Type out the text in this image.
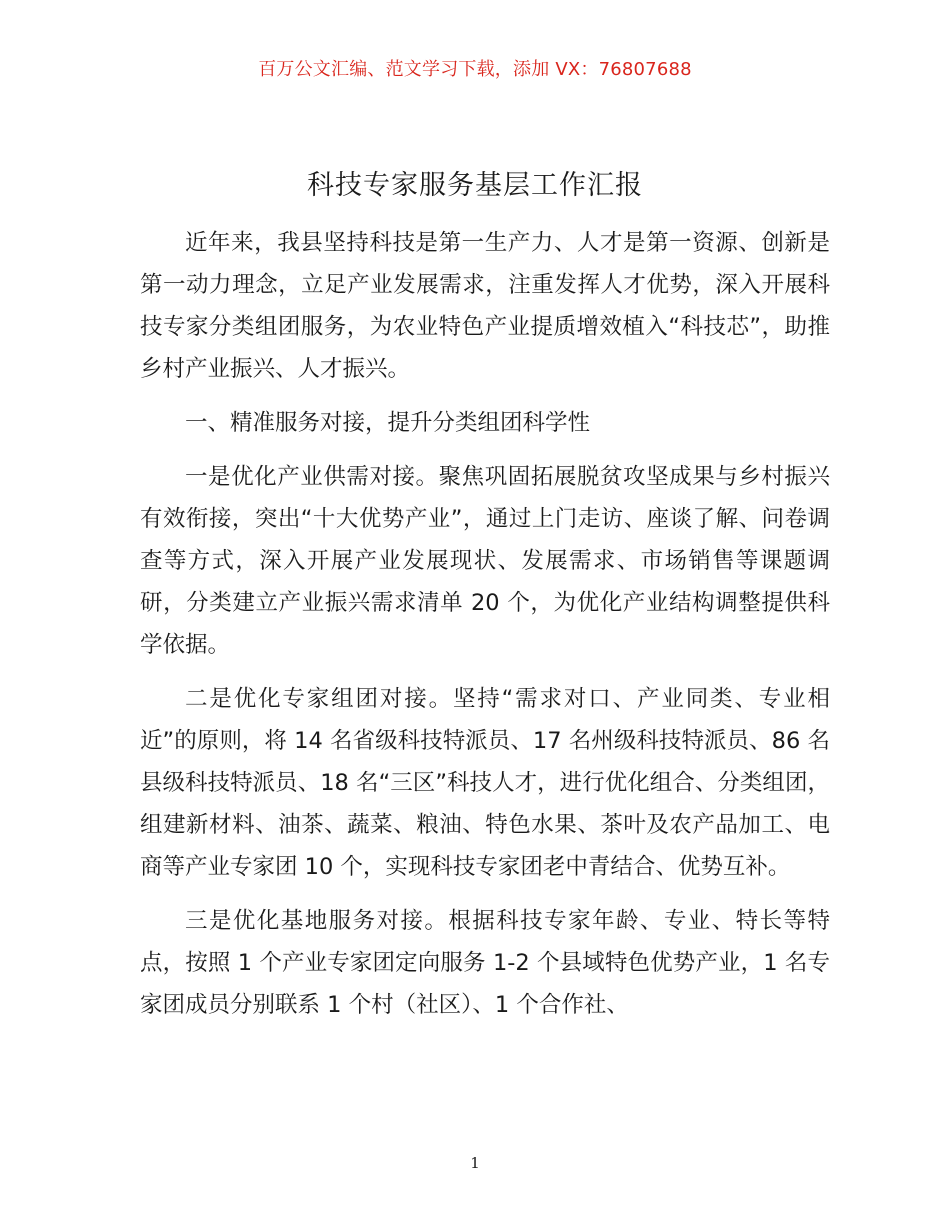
百万公文汇编、范文学习下载，添加 VX：76807688
科技专家服务基层工作汇报

近年来，我县坚持科技是第一生产力、人才是第一资源、创新是第一动力理念，立足产业发展需求，注重发挥人才优势，深入开展科技专家分类组团服务，为农业特色产业提质增效植入“科技芯”，助推乡村产业振兴、人才振兴。

一、精准服务对接，提升分类组团科学性

一是优化产业供需对接。聚焦巩固拓展脱贫攻坚成果与乡村振兴有效衔接，突出“十大优势产业”，通过上门走访、座谈了解、问卷调查等方式，深入开展产业发展现状、发展需求、市场销售等课题调研，分类建立产业振兴需求清单 20 个，为优化产业结构调整提供科学依据。

二是优化专家组团对接。坚持“需求对口、产业同类、专业相近”的原则，将 14 名省级科技特派员、17 名州级科技特派员、86 名县级科技特派员、18 名“三区”科技人才，进行优化组合、分类组团，组建新材料、油茶、蔬菜、粮油、特色水果、茶叶及农产品加工、电商等产业专家团 10 个，实现科技专家团老中青结合、优势互补。

三是优化基地服务对接。根据科技专家年龄、专业、特长等特点，按照 1 个产业专家团定向服务 1-2 个县域特色优势产业，1 名专家团成员分别联系 1 个村（社区）、1 个合作社、

1
